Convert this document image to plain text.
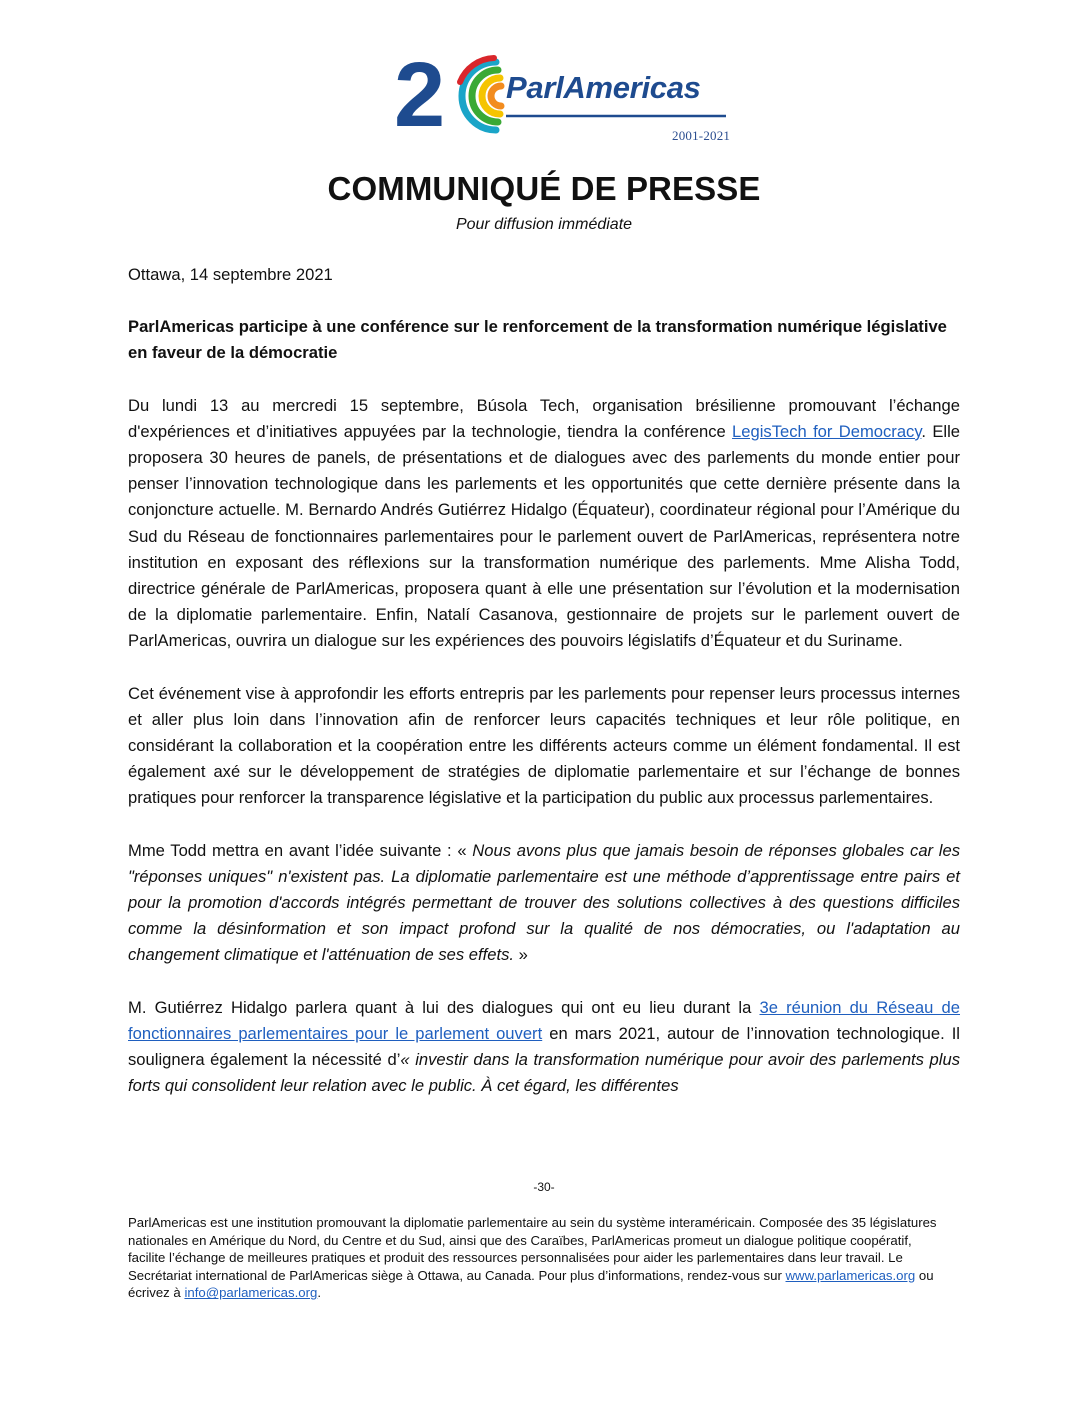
2 ParlAmericas
2001-2021
COMMUNIQUÉ DE PRESSE
Pour diffusion immédiate

Ottawa, 14 septembre 2021

ParlAmericas participe à une conférence sur le renforcement de la transformation numérique législative en faveur de la démocratie

Du lundi 13 au mercredi 15 septembre, Búsola Tech, organisation brésilienne promouvant l’échange d'expériences et d’initiatives appuyées par la technologie, tiendra la conférence LegisTech for Democracy. Elle proposera 30 heures de panels, de présentations et de dialogues avec des parlements du monde entier pour penser l’innovation technologique dans les parlements et les opportunités que cette dernière présente dans la conjoncture actuelle. M. Bernardo Andrés Gutiérrez Hidalgo (Équateur), coordinateur régional pour l’Amérique du Sud du Réseau de fonctionnaires parlementaires pour le parlement ouvert de ParlAmericas, représentera notre institution en exposant des réflexions sur la transformation numérique des parlements. Mme Alisha Todd, directrice générale de ParlAmericas, proposera quant à elle une présentation sur l’évolution et la modernisation de la diplomatie parlementaire. Enfin, Natalí Casanova, gestionnaire de projets sur le parlement ouvert de ParlAmericas, ouvrira un dialogue sur les expériences des pouvoirs législatifs d’Équateur et du Suriname.

Cet événement vise à approfondir les efforts entrepris par les parlements pour repenser leurs processus internes et aller plus loin dans l’innovation afin de renforcer leurs capacités techniques et leur rôle politique, en considérant la collaboration et la coopération entre les différents acteurs comme un élément fondamental. Il est également axé sur le développement de stratégies de diplomatie parlementaire et sur l’échange de bonnes pratiques pour renforcer la transparence législative et la participation du public aux processus parlementaires.

Mme Todd mettra en avant l’idée suivante : « Nous avons plus que jamais besoin de réponses globales car les "réponses uniques" n'existent pas. La diplomatie parlementaire est une méthode d’apprentissage entre pairs et pour la promotion d'accords intégrés permettant de trouver des solutions collectives à des questions difficiles comme la désinformation et son impact profond sur la qualité de nos démocraties, ou l'adaptation au changement climatique et l'atténuation de ses effets. »

M. Gutiérrez Hidalgo parlera quant à lui des dialogues qui ont eu lieu durant la 3e réunion du Réseau de fonctionnaires parlementaires pour le parlement ouvert en mars 2021, autour de l’innovation technologique. Il soulignera également la nécessité d’« investir dans la transformation numérique pour avoir des parlements plus forts qui consolident leur relation avec le public. À cet égard, les différentes

-30-
ParlAmericas est une institution promouvant la diplomatie parlementaire au sein du système interaméricain. Composée des 35 législatures nationales en Amérique du Nord, du Centre et du Sud, ainsi que des Caraïbes, ParlAmericas promeut un dialogue politique coopératif, facilite l’échange de meilleures pratiques et produit des ressources personnalisées pour aider les parlementaires dans leur travail. Le Secrétariat international de ParlAmericas siège à Ottawa, au Canada. Pour plus d’informations, rendez-vous sur www.parlamericas.org ou écrivez à info@parlamericas.org.
